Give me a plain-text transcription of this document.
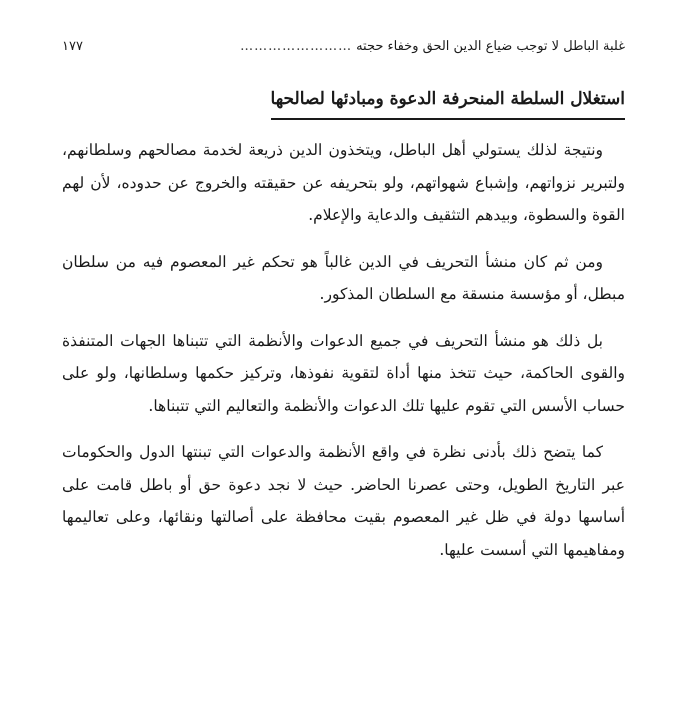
غلبة الباطل لا توجب ضياع الدين الحق وخفاء حجته
……………………
١٧٧
استغلال السلطة المنحرفة الدعوة ومبادئها لصالحها

ونتيجة لذلك يستولي أهل الباطل، ويتخذون الدين ذريعة لخدمة مصالحهم وسلطانهم، ولتبرير نزواتهم، وإشباع شهواتهم، ولو بتحريفه عن حقيقته والخروج عن حدوده، لأن لهم القوة والسطوة، وبيدهم التثقيف والدعاية والإعلام.

ومن ثم كان منشأ التحريف في الدين غالباً هو تحكم غير المعصوم فيه من سلطان مبطل، أو مؤسسة منسقة مع السلطان المذكور.

بل ذلك هو منشأ التحريف في جميع الدعوات والأنظمة التي تتبناها الجهات المتنفذة والقوى الحاكمة، حيث تتخذ منها أداة لتقوية نفوذها، وتركيز حكمها وسلطانها، ولو على حساب الأسس التي تقوم عليها تلك الدعوات والأنظمة والتعاليم التي تتبناها.

كما يتضح ذلك بأدنى نظرة في واقع الأنظمة والدعوات التي تبنتها الدول والحكومات عبر التاريخ الطويل، وحتى عصرنا الحاضر. حيث لا نجد دعوة حق أو باطل قامت على أساسها دولة في ظل غير المعصوم بقيت محافظة على أصالتها ونقائها، وعلى تعاليمها ومفاهيمها التي أسست عليها.
